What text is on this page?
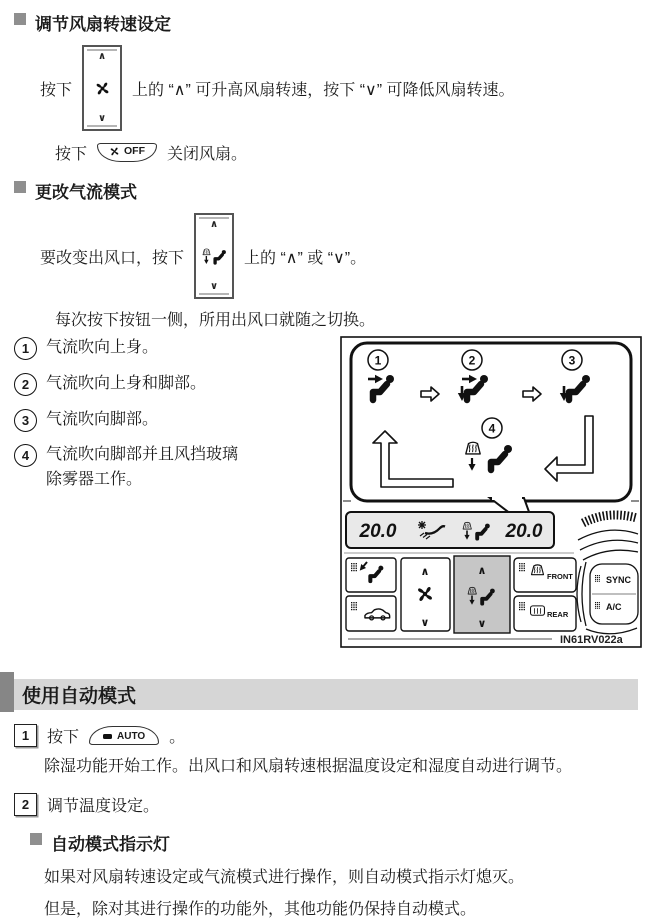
调节风扇转速设定
按下
∧
∨
上的 “∧” 可升高风扇转速，按下 “∨” 可降低风扇转速。
按下	OFF 关闭风扇。
更改气流模式
要改变出风口，按下
∧
∨
上的 “∧” 或 “∨”。

每次按下按钮一侧，所用出风口就随之切换。

1	气流吹向上身。
2	气流吹向上身和脚部。
3	气流吹向脚部。
4	气流吹向脚部并且风挡玻璃除雾器工作。
1	2	3
4
20.0	20.0
∧
∨
∧
∨
FRONT
REAR
SYNC
A/C
IN61RV022a
使用自动模式
1	按下	AUTO 。

除湿功能开始工作。出风口和风扇转速根据温度设定和湿度自动进行调节。

2	调节温度设定。
自动模式指示灯

如果对风扇转速设定或气流模式进行操作，则自动模式指示灯熄灭。

但是，除对其进行操作的功能外，其他功能仍保持自动模式。
